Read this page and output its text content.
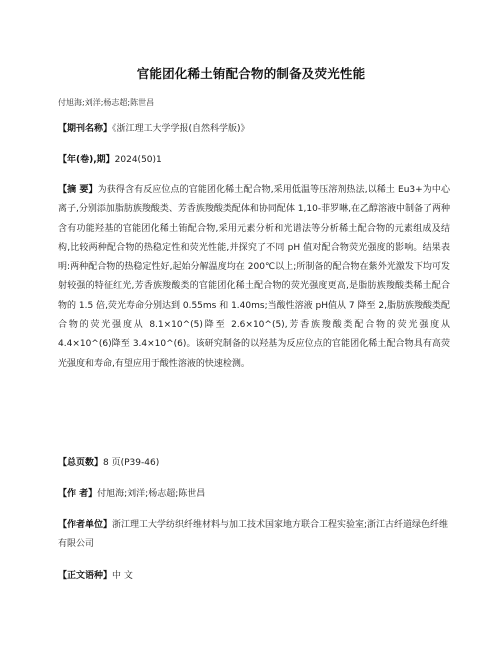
官能团化稀土铕配合物的制备及荧光性能
付旭海;刘洋;杨志超;陈世昌
【期刊名称】《浙江理工大学学报(自然科学版)》
【年(卷),期】2024(50)1
【摘 要】为获得含有反应位点的官能团化稀土配合物,采用低温等压溶剂热法,以稀土 Eu3+为中心离子,分别添加脂肪族羧酸类、芳香族羧酸类配体和协同配体 1,10-菲罗啉,在乙醇溶液中制备了两种含有功能羟基的官能团化稀土铕配合物,采用元素分析和光谱法等分析稀土配合物的元素组成及结构,比较两种配合物的热稳定性和荧光性能,并探究了不同 pH 值对配合物荧光强度的影响。结果表明:两种配合物的热稳定性好,起始分解温度均在 200℃以上;所制备的配合物在紫外光激发下均可发射较强的特征红光,芳香族羧酸类的官能团化稀土配合物的荧光强度更高,是脂肪族羧酸类稀土配合物的 1.5 倍,荧光寿命分别达到 0.55ms 和 1.40ms;当酸性溶液 pH值从 7 降至 2,脂肪族羧酸类配合物的荧光强度从 8.1×10^(5)降至 2.6×10^(5),芳香族羧酸类配合物的荧光强度从 4.4×10^(6)降至 3.4×10^(6)。该研究制备的以羟基为反应位点的官能团化稀土配合物具有高荧光强度和寿命,有望应用于酸性溶液的快速检测。
【总页数】8 页(P39-46)
【作 者】付旭海;刘洋;杨志超;陈世昌
【作者单位】浙江理工大学纺织纤维材料与加工技术国家地方联合工程实验室;浙江古纤道绿色纤维有限公司
【正文语种】中 文
